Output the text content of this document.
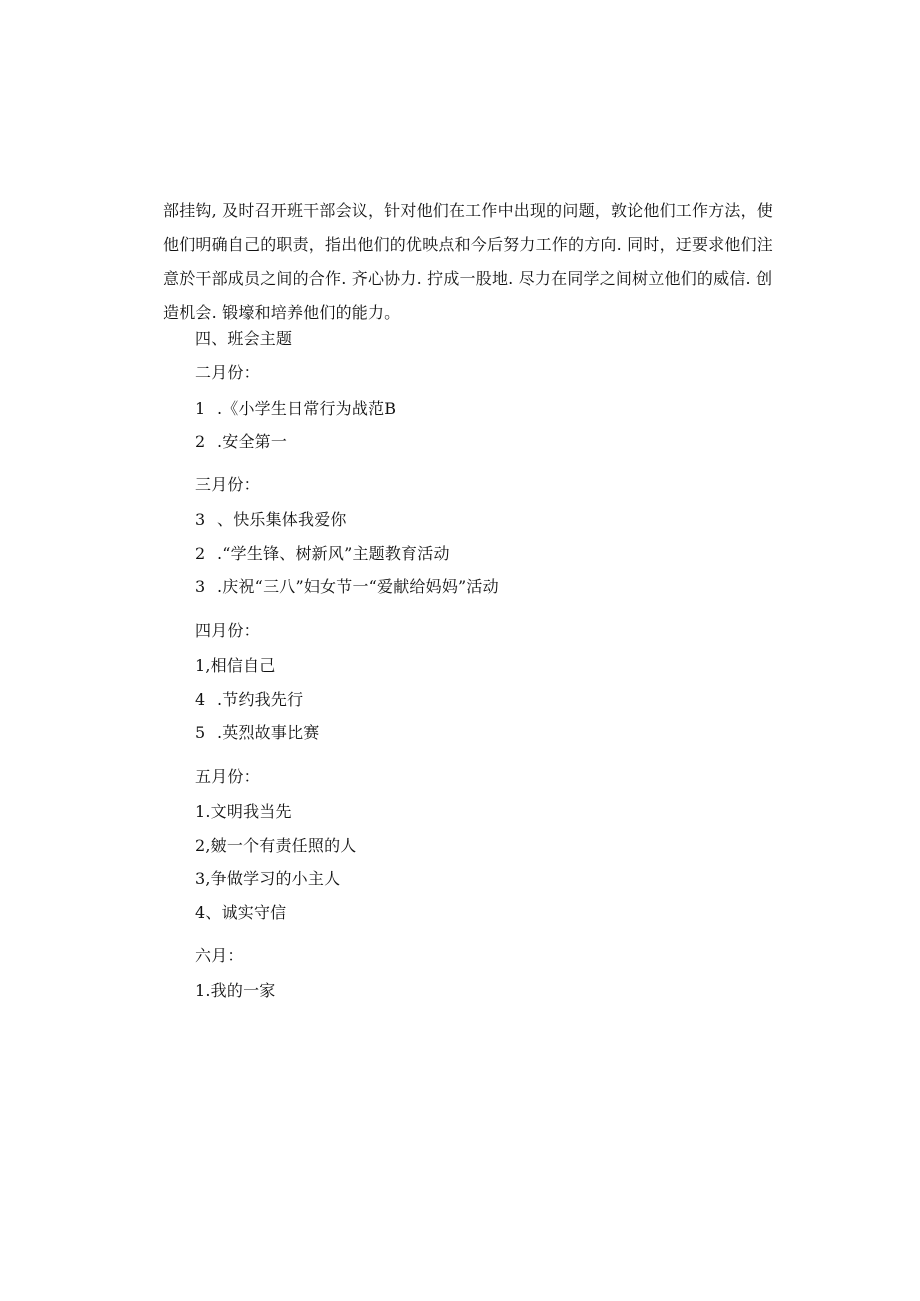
部挂钩, 及时召开班干部会议，针对他们在工作中出现的问题，敦论他们工作方法，使
他们明确自己的职责，指出他们的优映点和今后努力工作的方向. 同时，迂要求他们注
意於干部成员之间的合作. 齐心协力. 拧成一股地. 尽力在同学之间树立他们的威信. 创
造机会. 锻壕和培养他们的能力。
四、班会主题
二月份：
1 .《小学生日常行为战范B
2 .安全第一
三月份：
3 、快乐集体我爱你
2 .“学生锋、树新风”主题教育活动
3 .庆祝“三八”妇女节一“爱献给妈妈”活动
四月份：
1,相信自己
4 .节约我先行
5 .英烈故事比赛
五月份：
1.文明我当先
2,皴一个有责任照的人
3,争做学习的小主人
4、诚实守信
六月：
1.我的一家
